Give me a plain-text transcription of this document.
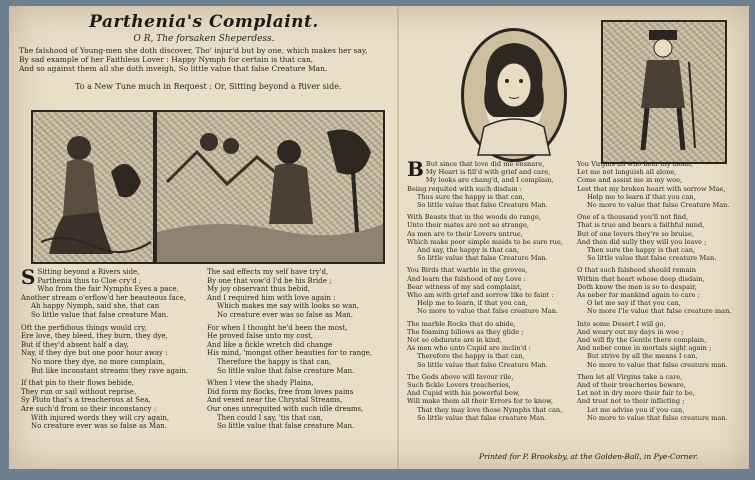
Parthenia's Complaint.
O R, The forsaken Sheperdess.
The falshood of Young-men she doth discover, Tho' injur'd but by one, which makes her say,
By sad example of her Faithless Lover : Happy Nymph for certain is that can,
And so against them all she doth inveigh, So little value that false Creature Man.
To a New Tune much in Request : Or, Sitting beyond a River side.
S Sitting beyond a Rivers side,
Parthenia thus to Cloe cry'd ;
Who from the fair Nymphs Eyes a pace,
Another stream o'erflow'd her beauteous face,
Ah happy Nymph, said she, that can
So little value that false creature Man.
Oft the perfidious things would cry,
Ere love, they bleed, they burn, they dye,
But if they'd absent half a day,
Nay, if they dye but one poor hour away :
No more they dye, no more complain,
But like inconstant streams they rave again.
If that pin to their flows bebide,
They run or sail without reprise,
Sy Pluto that's a treacherous at Sea,
Are such'd from so their inconstancy :
With injured words they will cry again,
No creature ever was so false as Man.
The sad effects my self have try'd,
By one that vow'd I'd be his Bride ;
My joy observant thus bebid,
And I required him with love again :
Which makes me say with looks so wan,
No creature ever was so false as Man.
For when I thought he'd been the most,
He proved false unto my cost,
And like a fickle wretch did change
His mind, 'mongst other beauties for to range,
Therefore the happy is that can,
So little value that false creature Man.
When I view the shady Plains,
Did form my flocks, free from loves pains
And vexed near the Chrystal Streams,
Our ones unrequited with such idle dreams,
Then could I say, 'tis that can,
So little value that false creature Man.
B But since that love did me ensnare,
My Heart is fill'd with grief and care,
My looks are chang'd, and I complain,
Being requited with such disdain :
Thus sure the happy is that can,
So little value that false Creature Man.
With Beasts that in the woods do range,
Unto their mates are not so strange,
As men are to their Lovers untrue,
Which make poor simple maids to be sure rue,
And say, the happy is that can,
So little value that false Creature Man.
You Birds that warble in the groves,
And learn the falshood of my Love :
Bear witness of my sad complaint,
Who am with grief and sorrow like to faint :
Help me to learn, if that you can,
No more to value that false creature Man.
The marble Rocks that do abide,
The foaming billows as they glide ;
Not so obdurate are in kind,
As men who unto Cupid are inclin'd :
Therefore the happy is that can,
So little value that false Creature Man.
The Gods above will favour rile,
Such fickle Lovers treacheries,
And Cupid with his powerful bow,
Will make them all their Errors for to know,
That they may love those Nymphs that can,
So little value that false creature Man.
You Virgins all who hear my moan,
Let me not languish all alone,
Come and assist me in my woe,
Lest that my broken heart with sorrow Mae,
Help me to learn if that you can,
No more to value that false Creature Man.
One of a thousand you'll not find,
That is true and bears a faithful mind,
But of one lovers they're so bruise,
And then did sully they will you leave ;
Then sure the happy is that can,
So little value that false creature Man.
O that such falshood should remain
Within that heart whose deep disdain,
Doth know the men is so to despair,
As neber for mankind again to care ;
O let me say if that you can,
No more I'le value that false creature man.
Into some Desert I will go,
And weary out my days in woe ;
And will fly the Gentle there complain,
And neber come in mortals sight again ;
But strive by all the means I can,
No more to value that false creature man.
Then let all Virgins take a care,
And of their treacheries beware,
Let not in dry more their fair to be,
And trust not to their inflicting ;
Let me advise you if you can,
No more to value that false creature man.
Printed for P. Brooksby, at the Golden-Ball, in Pye-Corner.
